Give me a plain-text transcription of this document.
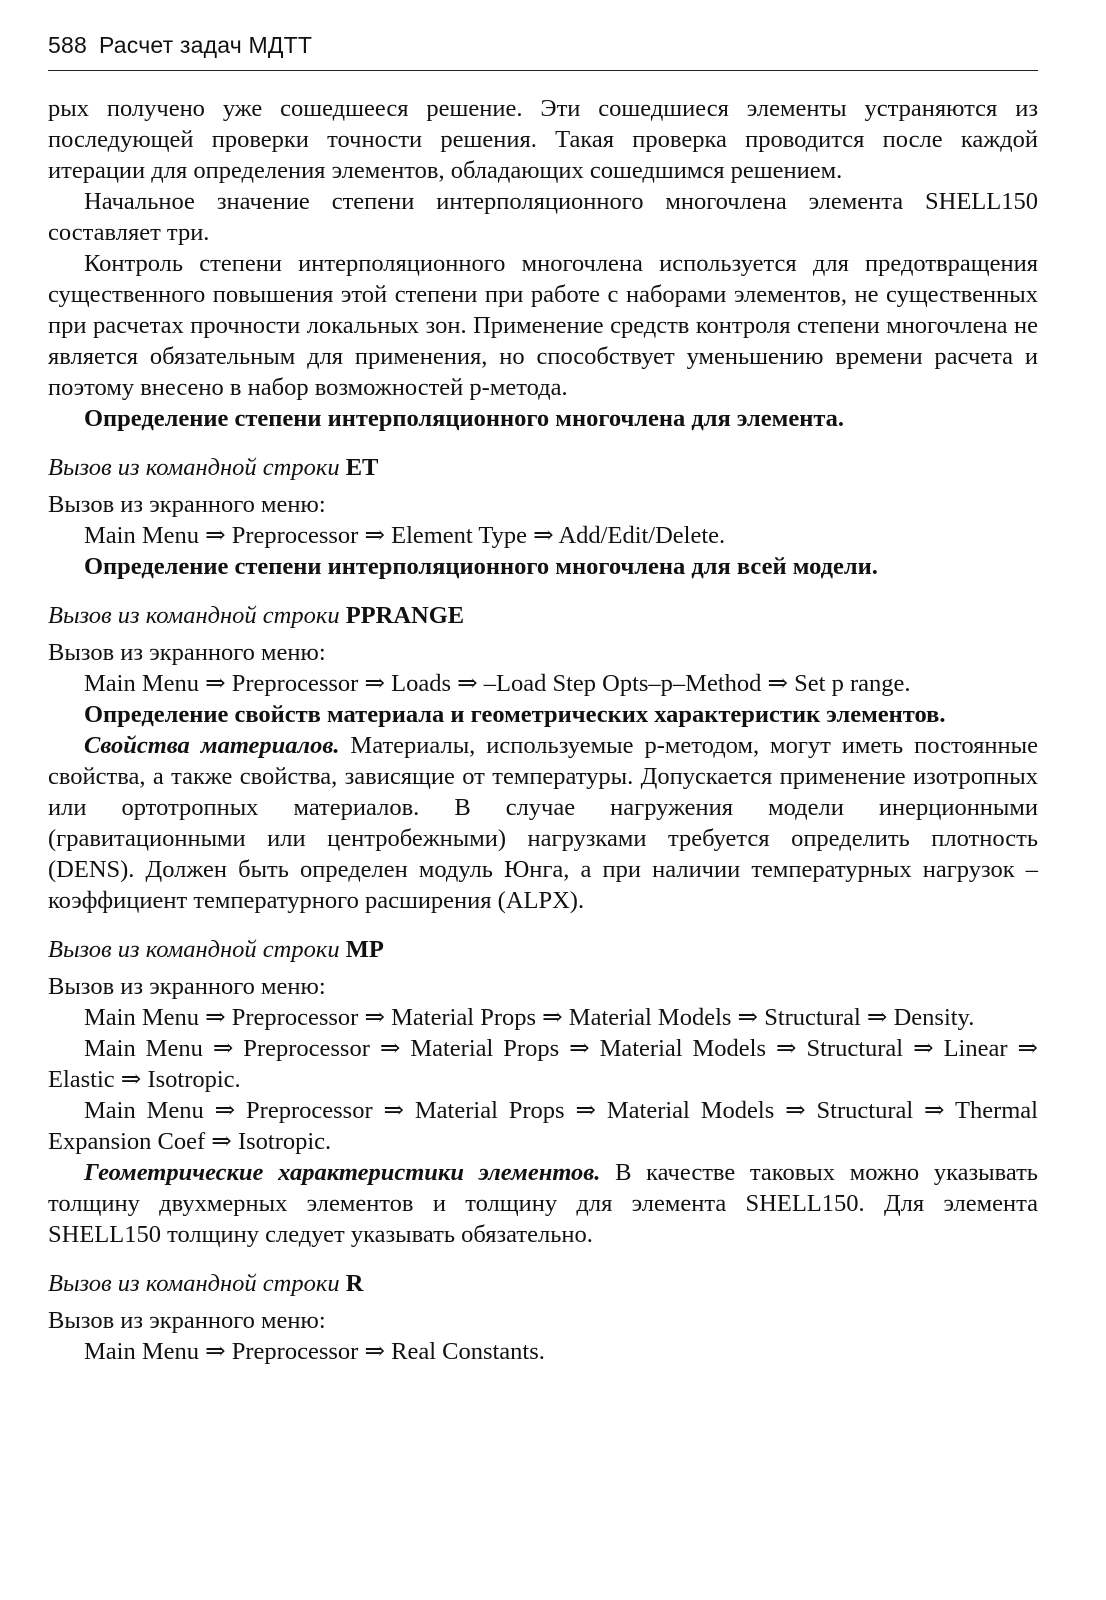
588 Расчет задач МДТТ

рых получено уже сошедшееся решение. Эти сошедшиеся элементы устраняются из последующей проверки точности решения. Такая проверка проводится после каждой итерации для определения элементов, обладающих сошедшимся решением.

Начальное значение степени интерполяционного многочлена элемента SHELL150 составляет три.

Контроль степени интерполяционного многочлена используется для предотвращения существенного повышения этой степени при работе с наборами элементов, не существенных при расчетах прочности локальных зон. Применение средств контроля степени многочлена не является обязательным для применения, но способствует уменьшению времени расчета и поэтому внесено в набор возможностей p-метода.

Определение степени интерполяционного многочлена для элемента.

Вызов из командной строки ET

Вызов из экранного меню:

Main Menu ⇒ Preprocessor ⇒ Element Type ⇒ Add/Edit/Delete.

Определение степени интерполяционного многочлена для всей модели.

Вызов из командной строки PPRANGE

Вызов из экранного меню:

Main Menu ⇒ Preprocessor ⇒ Loads ⇒ –Load Step Opts–p–Method ⇒ Set p range.

Определение свойств материала и геометрических характеристик элементов.

Свойства материалов. Материалы, используемые p-методом, могут иметь постоянные свойства, а также свойства, зависящие от температуры. Допускается применение изотропных или ортотропных материалов. В случае нагружения модели инерционными (гравитационными или центробежными) нагрузками требуется определить плотность (DENS). Должен быть определен модуль Юнга, а при наличии температурных нагрузок – коэффициент температурного расширения (ALPX).

Вызов из командной строки MP

Вызов из экранного меню:

Main Menu ⇒ Preprocessor ⇒ Material Props ⇒ Material Models ⇒ Structural ⇒ Density.

Main Menu ⇒ Preprocessor ⇒ Material Props ⇒ Material Models ⇒ Structural ⇒ Linear ⇒ Elastic ⇒ Isotropic.

Main Menu ⇒ Preprocessor ⇒ Material Props ⇒ Material Models ⇒ Structural ⇒ Thermal Expansion Coef ⇒ Isotropic.

Геометрические характеристики элементов. В качестве таковых можно указывать толщину двухмерных элементов и толщину для элемента SHELL150. Для элемента SHELL150 толщину следует указывать обязательно.

Вызов из командной строки R

Вызов из экранного меню:

Main Menu ⇒ Preprocessor ⇒ Real Constants.
